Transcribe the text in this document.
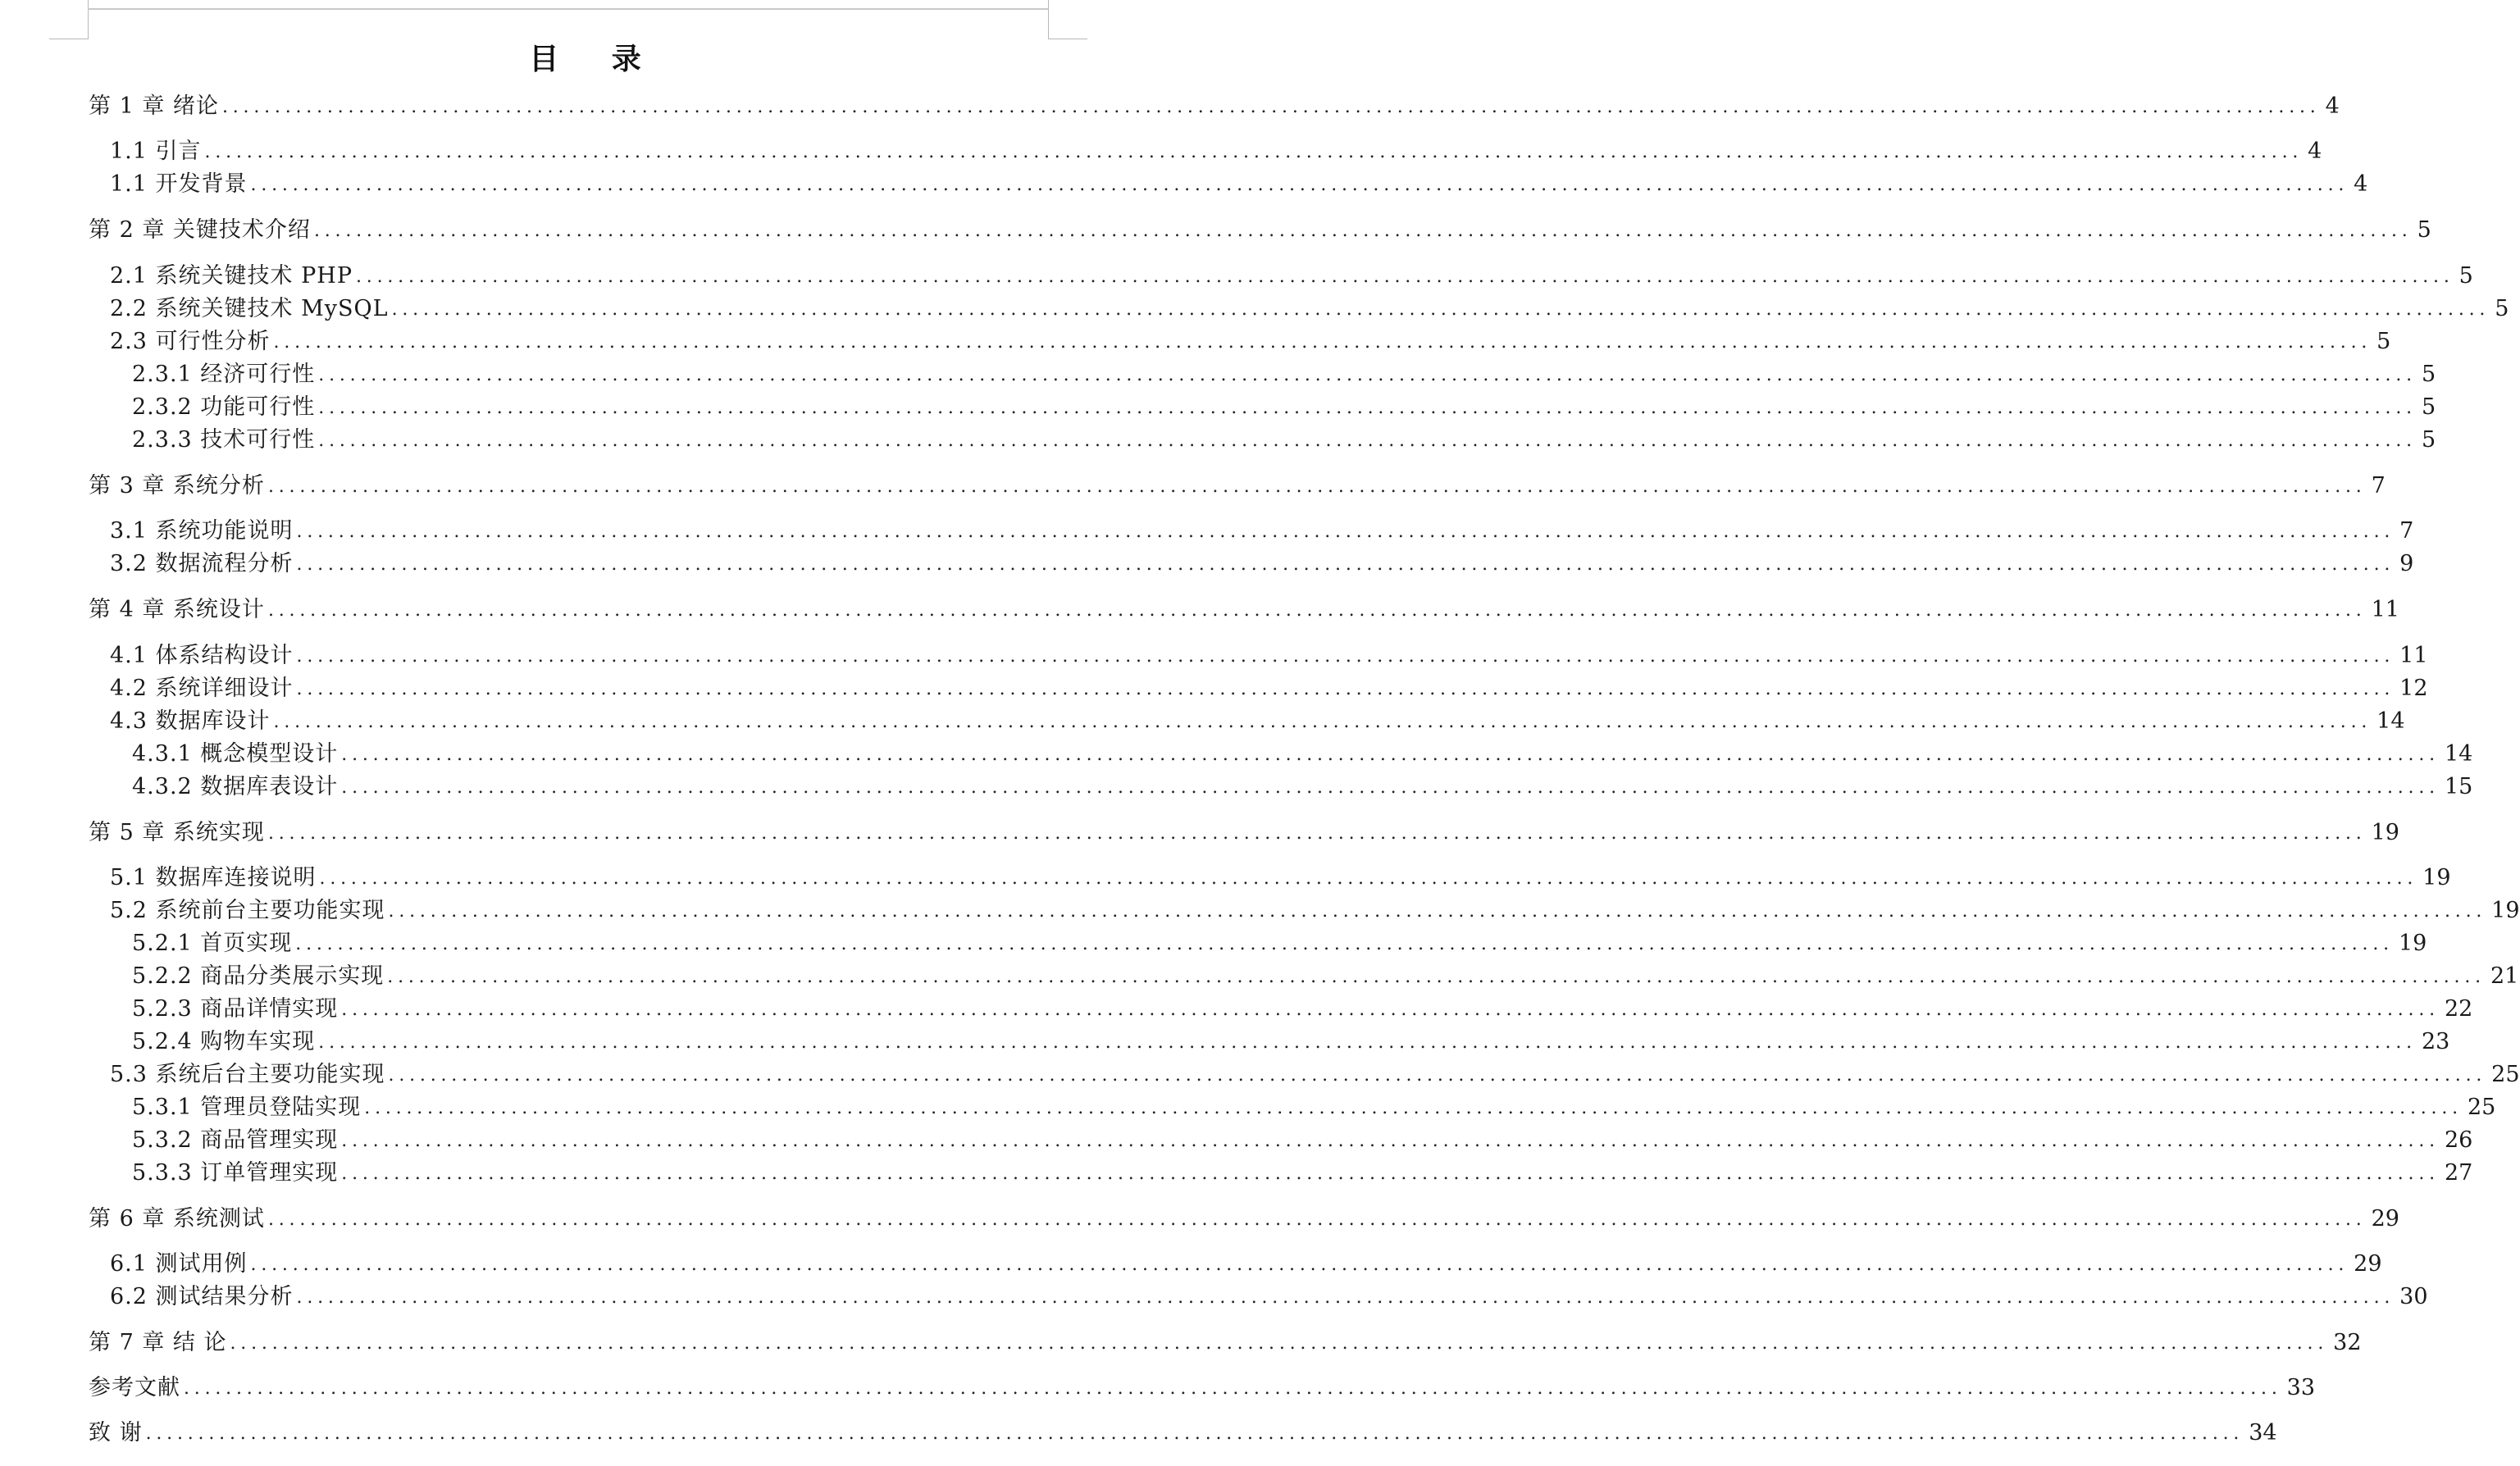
目 录
第 1 章 绪论 ........................................................................................................................................................................................................ 4
1.1 引言 ........................................................................................................................................................................................................ 4
1.1 开发背景 ........................................................................................................................................................................................................ 4
第 2 章 关键技术介绍 ........................................................................................................................................................................................................ 5
2.1 系统关键技术 PHP ........................................................................................................................................................................................................ 5
2.2 系统关键技术 MySQL ........................................................................................................................................................................................................ 5
2.3 可行性分析 ........................................................................................................................................................................................................ 5
2.3.1 经济可行性 ........................................................................................................................................................................................................ 5
2.3.2 功能可行性 ........................................................................................................................................................................................................ 5
2.3.3 技术可行性 ........................................................................................................................................................................................................ 5
第 3 章 系统分析 ........................................................................................................................................................................................................ 7
3.1 系统功能说明 ........................................................................................................................................................................................................ 7
3.2 数据流程分析 ........................................................................................................................................................................................................ 9
第 4 章 系统设计 ........................................................................................................................................................................................................ 11
4.1 体系结构设计 ........................................................................................................................................................................................................ 11
4.2 系统详细设计 ........................................................................................................................................................................................................ 12
4.3 数据库设计 ........................................................................................................................................................................................................ 14
4.3.1 概念模型设计 ........................................................................................................................................................................................................ 14
4.3.2 数据库表设计 ........................................................................................................................................................................................................ 15
第 5 章 系统实现 ........................................................................................................................................................................................................ 19
5.1 数据库连接说明 ........................................................................................................................................................................................................ 19
5.2 系统前台主要功能实现 ........................................................................................................................................................................................................ 19
5.2.1 首页实现 ........................................................................................................................................................................................................ 19
5.2.2 商品分类展示实现 ........................................................................................................................................................................................................ 21
5.2.3 商品详情实现 ........................................................................................................................................................................................................ 22
5.2.4 购物车实现 ........................................................................................................................................................................................................ 23
5.3 系统后台主要功能实现 ........................................................................................................................................................................................................ 25
5.3.1 管理员登陆实现 ........................................................................................................................................................................................................ 25
5.3.2 商品管理实现 ........................................................................................................................................................................................................ 26
5.3.3 订单管理实现 ........................................................................................................................................................................................................ 27
第 6 章 系统测试 ........................................................................................................................................................................................................ 29
6.1 测试用例 ........................................................................................................................................................................................................ 29
6.2 测试结果分析 ........................................................................................................................................................................................................ 30
第 7 章 结 论 ........................................................................................................................................................................................................ 32
参考文献 ........................................................................................................................................................................................................ 33
致 谢 ........................................................................................................................................................................................................ 34
